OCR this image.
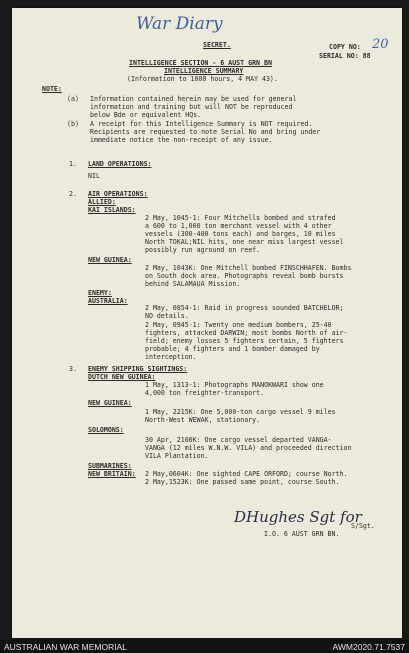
War Diary
SECRET.	COPY NO: 20
SERIAL NO: 88
INTELLIGENCE SECTION - 6 AUST GRN BN
INTELLIGENCE SUMMARY
(Information to 1000 hours, 4 MAY 43).
NOTE:
(a) Information contained herein may be used for general
information and training but will NOT be reproduced
below Bde or equivalent HQs.
(b) A receipt for this Intelligence Summary is NOT required.
Recipients are requested to note Serial No and bring under
immediate notice the non-receipt of any issue.
1. LAND OPERATIONS:
NIL
2. AIR OPERATIONS:
ALLIED:
KAI ISLANDS:
2 May, 1045-1: Four Mitchells bombed and strafed
a 600 to 1,000 ton merchant vessel with 4 other
vessels (300-400 tons each) and barges, 10 miles
North TOKAL;NIL hits, one near miss largest vessel
possibly run aground on reef.
NEW GUINEA:
2 May, 1043K: One Mitchell bombed FINSCHHAFEN. Bombs
on South dock area. Photographs reveal bomb bursts
behind SALAMAUA Mission.
ENEMY:
AUSTRALIA:
2 May, 0854-1: Raid in progress sounded BATCHELOR;
NO details.
2 May, 0945-1: Twenty one medium bombers, 25-40
fighters, attacked DARWIN; most bombs North of air-
field; enemy losses 5 fighters certain, 5 fighters
probable; 4 fighters and 1 bomber damaged by
interception.
3. ENEMY SHIPPING SIGHTINGS:
DUTCH NEW GUINEA:
1 May, 1313-1: Photographs MANOKWARI show one
4,000 ton freighter-transport.
NEW GUINEA:
1 May, 2215K: One 5,000-ton cargo vessel 9 miles
North-West WEWAK, stationary.
SOLOMONS:
30 Apr, 2100K: One cargo vessel departed VANGA-
VANGA (12 miles W.N.W. VILA) and proceeded direction
VILA Plantation.
SUBMARINES:
NEW BRITAIN: 2 May,0604K: One sighted CAPE ORFORD; course North.
2 May,1523K: One passed same point, course South.
DHughes Sgt for
S/Sgt.
I.O. 6 AUST GRN BN.
AUSTRALIAN WAR MEMORIAL	AWM2020.71.7537
